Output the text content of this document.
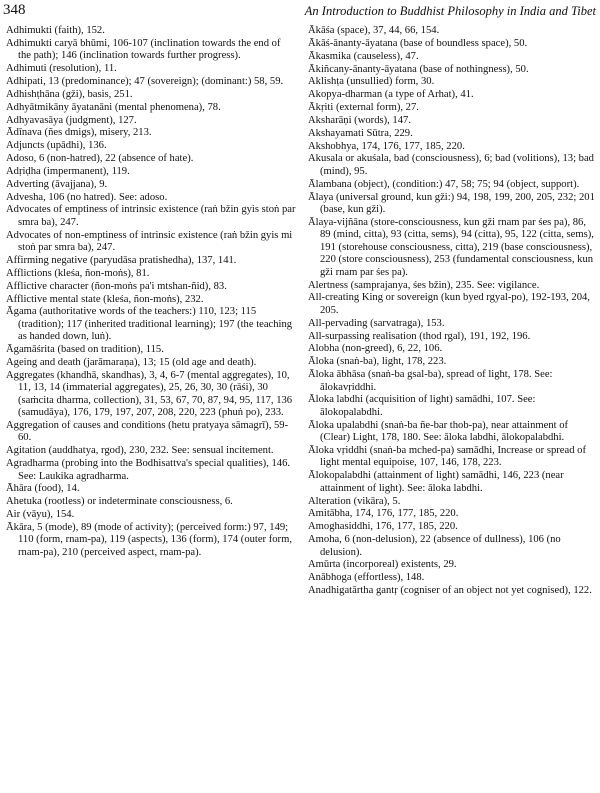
348	An Introduction to Buddhist Philosophy in India and Tibet

Adhimukti (faith), 152.

Adhimukti caryā bhūmi, 106-107 (inclination towards the end of the path); 146 (inclination towards further progress).

Adhimuti (resolution), 11.

Adhipati, 13 (predominance); 47 (sovereign); (dominant:) 58, 59.

Adhishṭhāna (gži), basis, 251.

Adhyātmikāny āyatanāni (mental phenomena), 78.

Adhyavasāya (judgment), 127.

Ādīnava (ñes dmigs), misery, 213.

Adjuncts (upādhi), 136.

Adoso, 6 (non-hatred), 22 (absence of hate).

Adṛiḍha (impermanent), 119.

Adverting (āvajjana), 9.

Advesha, 106 (no hatred). See: adoso.

Advocates of emptiness of intrinsic existence (raṅ bžin gyis stoṅ par smra ba), 247.

Advocates of non-emptiness of intrinsic existence (raṅ bžin gyis mi stoṅ par smra ba), 247.

Affirming negative (paryudāsa pratishedha), 137, 141.

Afflictions (kleśa, ñon-moṅs), 81.

Afflictive character (ñon-moṅs pa'i mtshan-ñid), 83.

Afflictive mental state (kleśa, ñon-moṅs), 232.

Āgama (authoritative words of the teachers:) 110, 123; 115 (tradition); 117 (inherited traditional learning); 197 (the teaching as handed down, luṅ).

Āgamāśrita (based on tradition), 115.

Ageing and death (jarāmaraṇa), 13; 15 (old age and death).

Aggregates (khandhā, skandhas), 3, 4, 6-7 (mental aggregates), 10, 11, 13, 14 (immaterial aggregates), 25, 26, 30, 30 (rāśi), 30 (saṁcita dharma, collection), 31, 53, 67, 70, 87, 94, 95, 117, 136 (samudāya), 176, 179, 197, 207, 208, 220, 223 (phuṅ po), 233.

Aggregation of causes and conditions (hetu pratyaya sāmagrī), 59-60.

Agitation (auddhatya, rgod), 230, 232. See: sensual incitement.

Agradharma (probing into the Bodhisattva's special qualities), 146. See: Laukika agradharma.

Āhāra (food), 14.

Ahetuka (rootless) or indeterminate consciousness, 6.

Air (vāyu), 154.

Ākāra, 5 (mode), 89 (mode of activity); (perceived form:) 97, 149; 110 (form, rnam-pa), 119 (aspects), 136 (form), 174 (outer form, rnam-pa), 210 (perceived aspect, rnam-pa).

Ākāśa (space), 37, 44, 66, 154.

Ākāś-ānanty-āyatana (base of boundless space), 50.

Ākasmika (causeless), 47.

Ākiñcany-ānanty-āyatana (base of nothingness), 50.

Aklishṭa (unsullied) form, 30.

Akopya-dharman (a type of Arhat), 41.

Ākṛiti (external form), 27.

Aksharāṇi (words), 147.

Akshayamati Sūtra, 229.

Akshobhya, 174, 176, 177, 185, 220.

Akusala or akuśala, bad (consciousness), 6; bad (volitions), 13; bad (mind), 95.

Ālambana (object), (condition:) 47, 58; 75; 94 (object, support).

Ālaya (universal ground, kun gži:) 94, 198, 199, 200, 205, 232; 201 (base, kun gži).

Ālaya-vijñāna (store-consciousness, kun gži rnam par śes pa), 86, 89 (mind, citta), 93 (citta, sems), 94 (citta), 95, 122 (citta, sems), 191 (storehouse consciousness, citta), 219 (base consciousness), 220 (store consciousness), 253 (fundamental consciousness, kun gži rnam par śes pa).

Alertness (samprajanya, śes bžin), 235. See: vigilance.

All-creating King or sovereign (kun byed rgyal-po), 192-193, 204, 205.

All-pervading (sarvatraga), 153.

All-surpassing realisation (thod rgal), 191, 192, 196.

Alobha (non-greed), 6, 22, 106.

Āloka (snaṅ-ba), light, 178, 223.

Āloka ābhāsa (snaṅ-ba gsal-ba), spread of light, 178. See: ālokavṛiddhi.

Āloka labdhi (acquisition of light) samādhi, 107. See: ālokopalabdhi.

Āloka upalabdhi (snaṅ-ba ñe-bar thob-pa), near attainment of (Clear) Light, 178, 180. See: āloka labdhi, ālokopalabdhi.

Āloka vṛiddhi (snaṅ-ba mched-pa) samādhi, Increase or spread of light mental equipoise, 107, 146, 178, 223.

Ālokopalabdhi (attainment of light) samādhi, 146, 223 (near attainment of light). See: āloka labdhi.

Alteration (vikāra), 5.

Amitābha, 174, 176, 177, 185, 220.

Amoghasiddhi, 176, 177, 185, 220.

Amoha, 6 (non-delusion), 22 (absence of dullness), 106 (no delusion).

Amūrta (incorporeal) existents, 29.

Anābhoga (effortless), 148.

Anadhigatārtha gantṛ (cogniser of an object not yet cognised), 122.
